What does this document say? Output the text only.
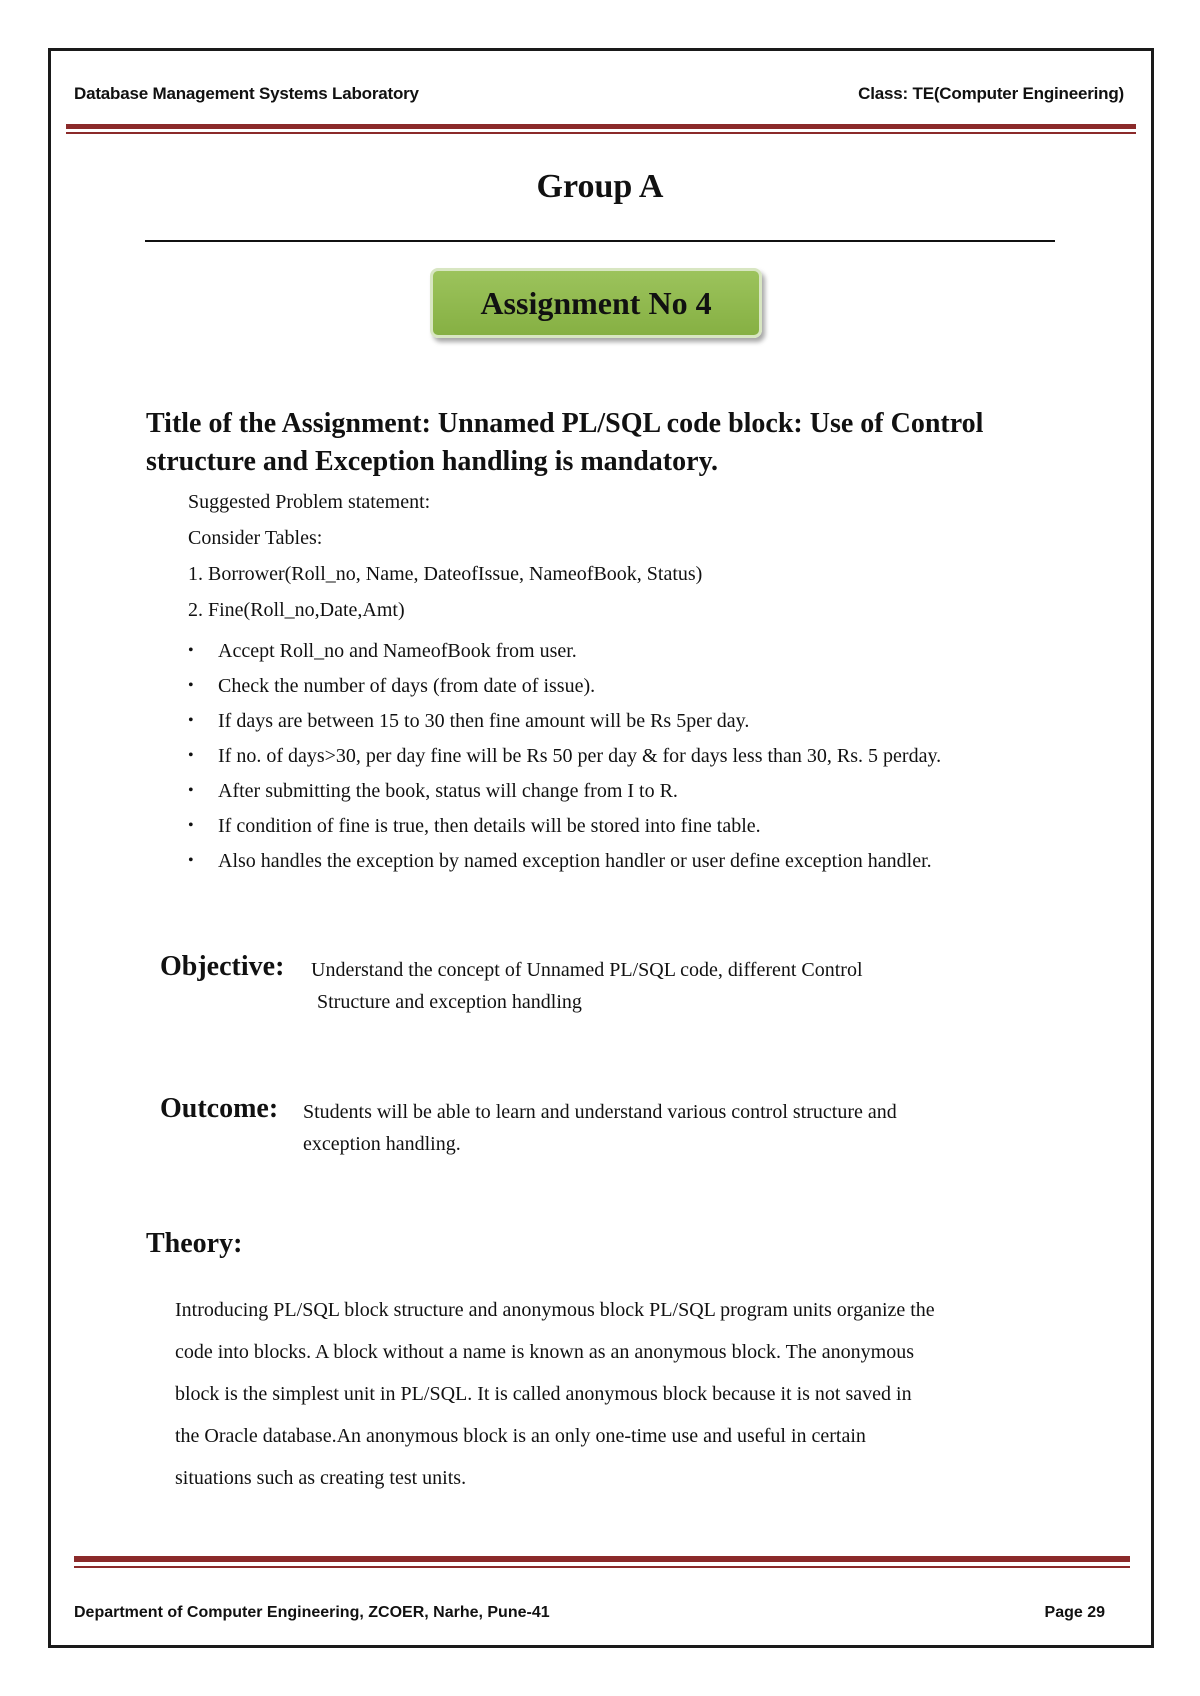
Database Management Systems Laboratory	Class: TE(Computer Engineering)
Group A
Assignment No 4
Title of the Assignment: Unnamed PL/SQL code block: Use of Control
structure and Exception handling is mandatory.
Suggested Problem statement:
Consider Tables:
1. Borrower(Roll_no, Name, DateofIssue, NameofBook, Status)
2. Fine(Roll_no,Date,Amt)
• Accept Roll_no and NameofBook from user.
• Check the number of days (from date of issue).
• If days are between 15 to 30 then fine amount will be Rs 5per day.
• If no. of days>30, per day fine will be Rs 50 per day & for days less than 30, Rs. 5 perday.
• After submitting the book, status will change from I to R.
• If condition of fine is true, then details will be stored into fine table.
• Also handles the exception by named exception handler or user define exception handler.
Objective: Understand the concept of Unnamed PL/SQL code, different Control
Structure and exception handling
Outcome: Students will be able to learn and understand various control structure and
exception handling.
Theory:
Introducing PL/SQL block structure and anonymous block PL/SQL program units organize the
code into blocks. A block without a name is known as an anonymous block. The anonymous
block is the simplest unit in PL/SQL. It is called anonymous block because it is not saved in
the Oracle database.An anonymous block is an only one-time use and useful in certain
situations such as creating test units.
Department of Computer Engineering, ZCOER, Narhe, Pune-41	Page 29
